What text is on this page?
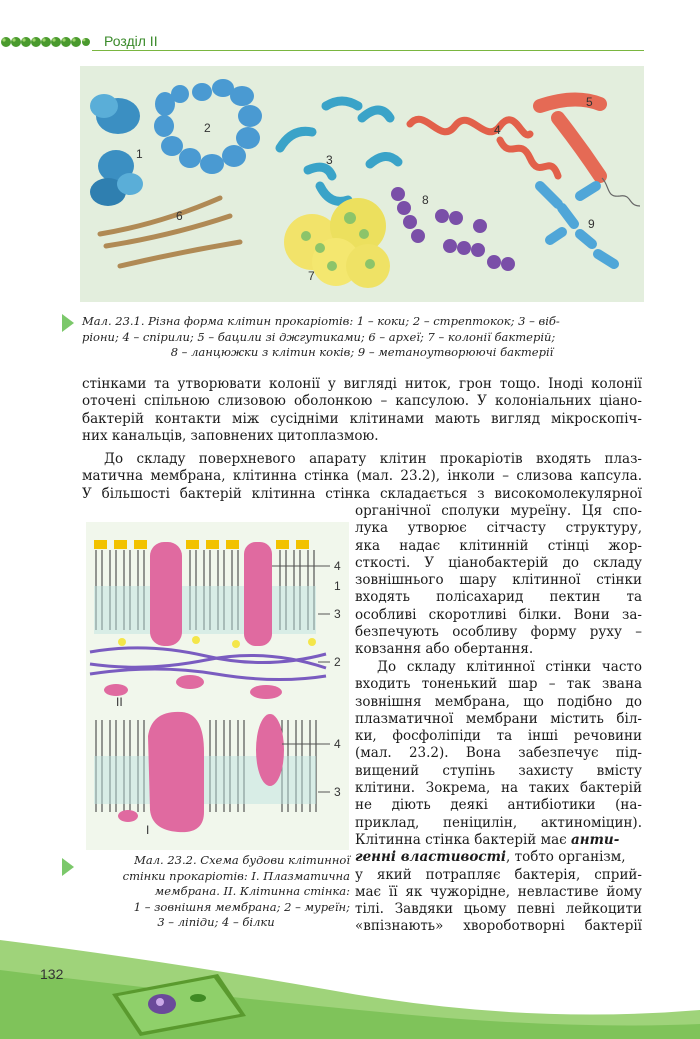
Розділ ІІ
1
2
3
4
5
6
7
8
9
Мал. 23.1. Різна форма клітин прокаріотів: 1 – коки; 2 – стрептокок; 3 – віб-
ріони; 4 – спірили; 5 – бацили зі джгутиками; 6 – археї; 7 – колонії бактерій;
8 – ланцюжки з клітин коків; 9 – метаноутворюючі бактерії
стінками та утворювати колонії у вигляді ниток, грон тощо. Іноді колонії
оточені спільною слизовою оболонкою – капсулою. У колоніальних ціано-
бактерій контакти між сусідніми клітинами мають вигляд мікроскопіч-
них канальців, заповнених цитоплазмою.
До складу поверхневого апарату клітин прокаріотів входять плаз-
матична мембрана, клітинна стінка (мал. 23.2), інколи – слизова капсула.
У більшості бактерій клітинна стінка складається з високомолекулярної
органічної сполуки муреїну. Ця спо-
лука утворює сітчасту структуру,
яка надає клітинній стінці жор-
сткості. У ціанобактерій до складу
зовнішнього шару клітинної стінки
входять полісахарид пектин та
особливі скоротливі білки. Вони за-
безпечують особливу форму руху –
ковзання або обертання.
До складу клітинної стінки часто
входить тоненький шар – так звана
зовнішня мембрана, що подібно до
плазматичної мембрани містить біл-
ки, фосфоліпіди та інші речовини
(мал. 23.2). Вона забезпечує під-
вищений ступінь захисту вмісту
клітини. Зокрема, на таких бактерій
не діють деякі антибіотики (на-
приклад, пеніцилін, актиноміцин).
Клітинна стінка бактерій має анти-
генні властивості, тобто організм,
у який потрапляє бактерія, сприй-
має її як чужорідне, невластиве йому
тілі. Завдяки цьому певні лейкоцити
«впізнають» хвороботворні бактерії
4
1
3
2
ІІ
4
3
І
Мал. 23.2. Схема будови клітинної
стінки прокаріотів: І. Плазматична
мембрана. ІІ. Клітинна стінка:
1 – зовнішня мембрана; 2 – муреїн;
3 – ліпіди; 4 – білки
132
